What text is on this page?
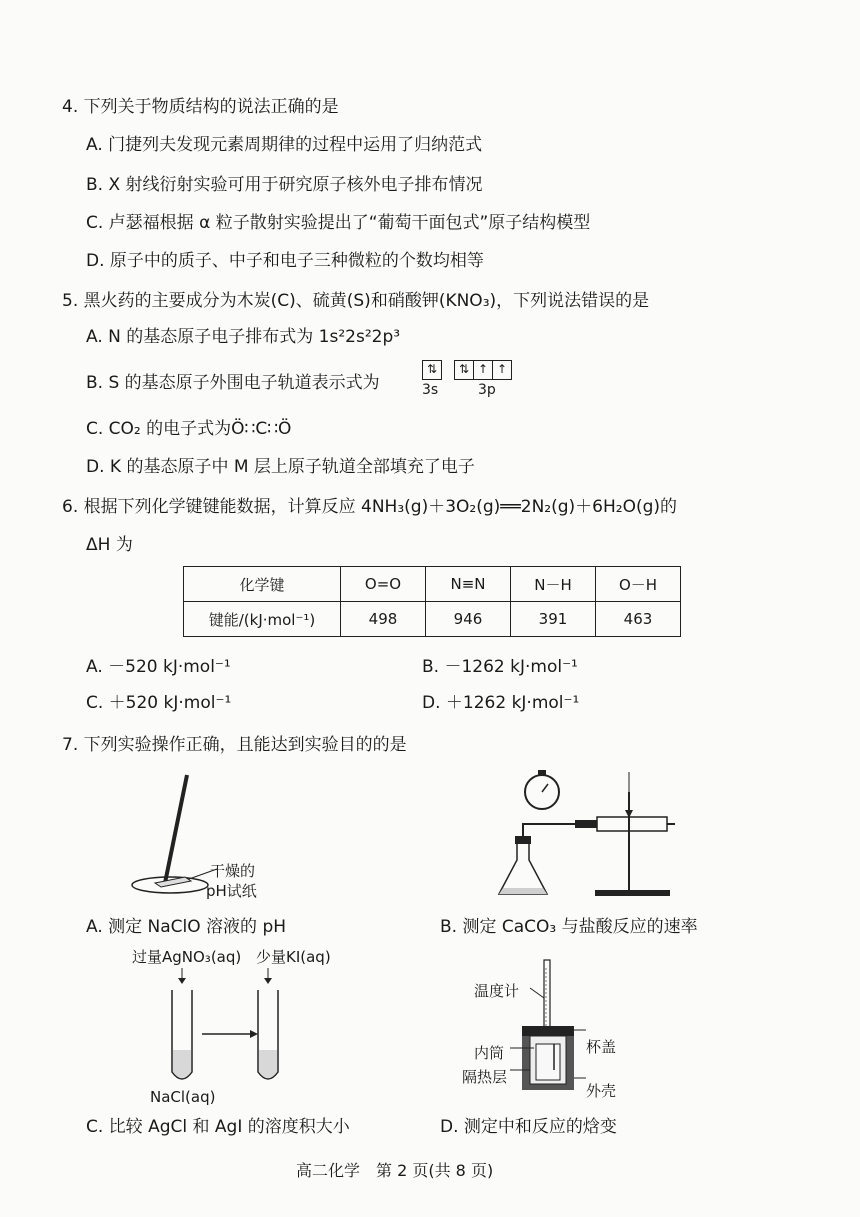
4. 下列关于物质结构的说法正确的是
A. 门捷列夫发现元素周期律的过程中运用了归纳范式
B. X 射线衍射实验可用于研究原子核外电子排布情况
C. 卢瑟福根据 α 粒子散射实验提出了“葡萄干面包式”原子结构模型
D. 原子中的质子、中子和电子三种微粒的个数均相等
5. 黑火药的主要成分为木炭(C)、硫黄(S)和硝酸钾(KNO₃)，下列说法错误的是
A. N 的基态原子电子排布式为 1s²2s²2p³
B. S 的基态原子外围电子轨道表示式为
⇅	⇅ ↑ ↑
3s	3p
C. CO₂ 的电子式为Ö∷C∷Ö
D. K 的基态原子中 M 层上原子轨道全部填充了电子
6. 根据下列化学键键能数据，计算反应 4NH₃(g)＋3O₂(g)══2N₂(g)＋6H₂O(g)的
ΔH 为
化学键	O=O	N≡N	N－H	O－H
键能/(kJ·mol⁻¹)	498	946	391	463
A. －520 kJ·mol⁻¹	B. －1262 kJ·mol⁻¹
C. ＋520 kJ·mol⁻¹	D. ＋1262 kJ·mol⁻¹
7. 下列实验操作正确，且能达到实验目的的是
干燥的
pH试纸
A. 测定 NaClO 溶液的 pH	B. 测定 CaCO₃ 与盐酸反应的速率
过量AgNO₃(aq) 少量KI(aq)
NaCl(aq)
C. 比较 AgCl 和 AgI 的溶度积大小
温度计
内筒
隔热层
杯盖
外壳
D. 测定中和反应的焓变
高二化学　第 2 页(共 8 页)
